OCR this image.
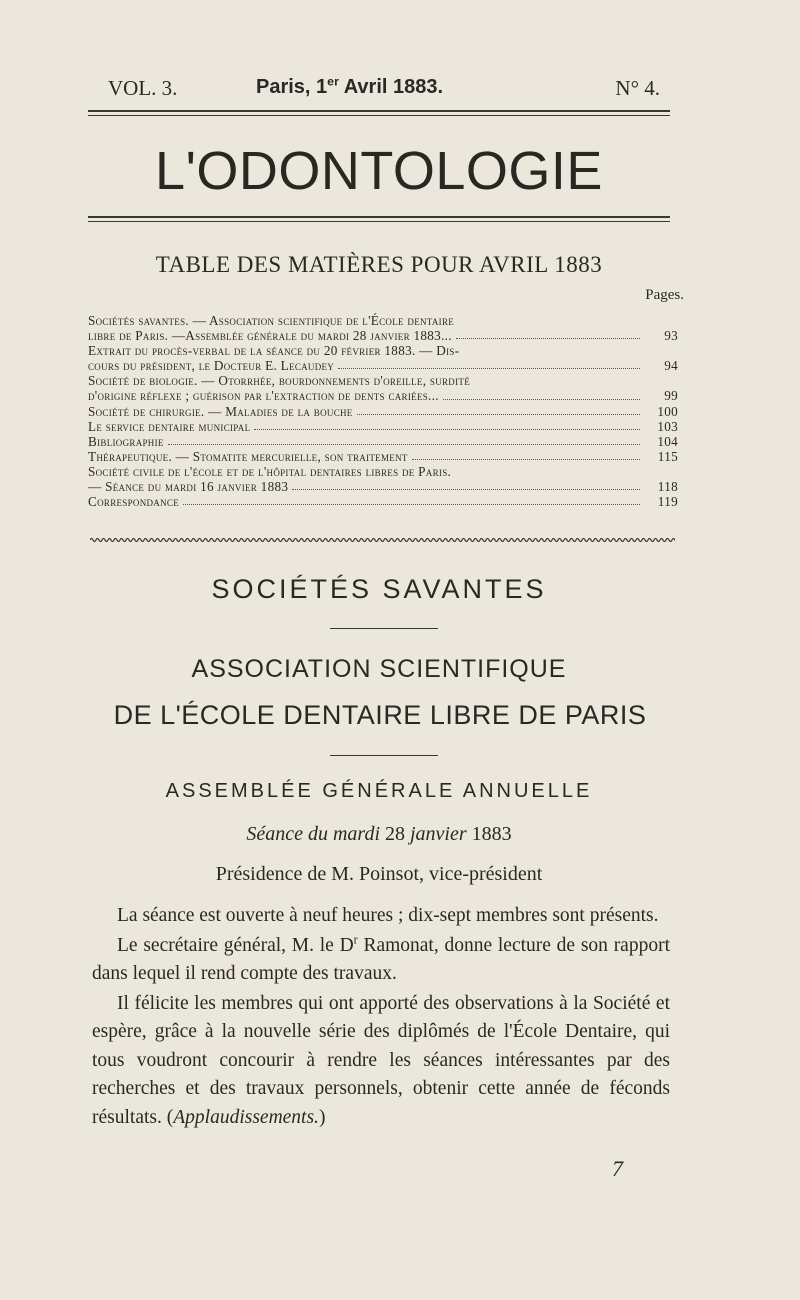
VOL. 3.	Paris, 1er Avril 1883.	N° 4.
L'ODONTOLOGIE
TABLE DES MATIÈRES POUR AVRIL 1883
Pages.
Sociétés savantes. — Association scientifique de l'École dentaire
libre de Paris. —Assemblée générale du mardi 28 janvier 1883...	93
Extrait du procès-verbal de la séance du 20 février 1883. — Dis-
cours du président, le Docteur E. Lecaudey	94
Société de biologie. — Otorrhée, bourdonnements d'oreille, surdité
d'origine réflexe ; guérison par l'extraction de dents cariées...	99
Société de chirurgie. — Maladies de la bouche	100
Le service dentaire municipal	103
Bibliographie	104
Thérapeutique. — Stomatite mercurielle, son traitement	115
Société civile de l'école et de l'hôpital dentaires libres de Paris.
— Séance du mardi 16 janvier 1883	118
Correspondance	119
SOCIÉTÉS SAVANTES
ASSOCIATION SCIENTIFIQUE
DE L'ÉCOLE DENTAIRE LIBRE DE PARIS
ASSEMBLÉE GÉNÉRALE ANNUELLE
Séance du mardi 28 janvier 1883
Présidence de M. Poinsot, vice-président

La séance est ouverte à neuf heures ; dix-sept membres sont présents.

Le secrétaire général, M. le $D^r$ Ramonat, donne lecture de son rapport dans lequel il rend compte des travaux.

Il félicite les membres qui ont apporté des observations à la Société et espère, grâce à la nouvelle série des diplômés de l'École Dentaire, qui tous voudront concourir à rendre les séances intéressantes par des recherches et des travaux personnels, obtenir cette année de féconds résultats. (Applaudissements.)

7
